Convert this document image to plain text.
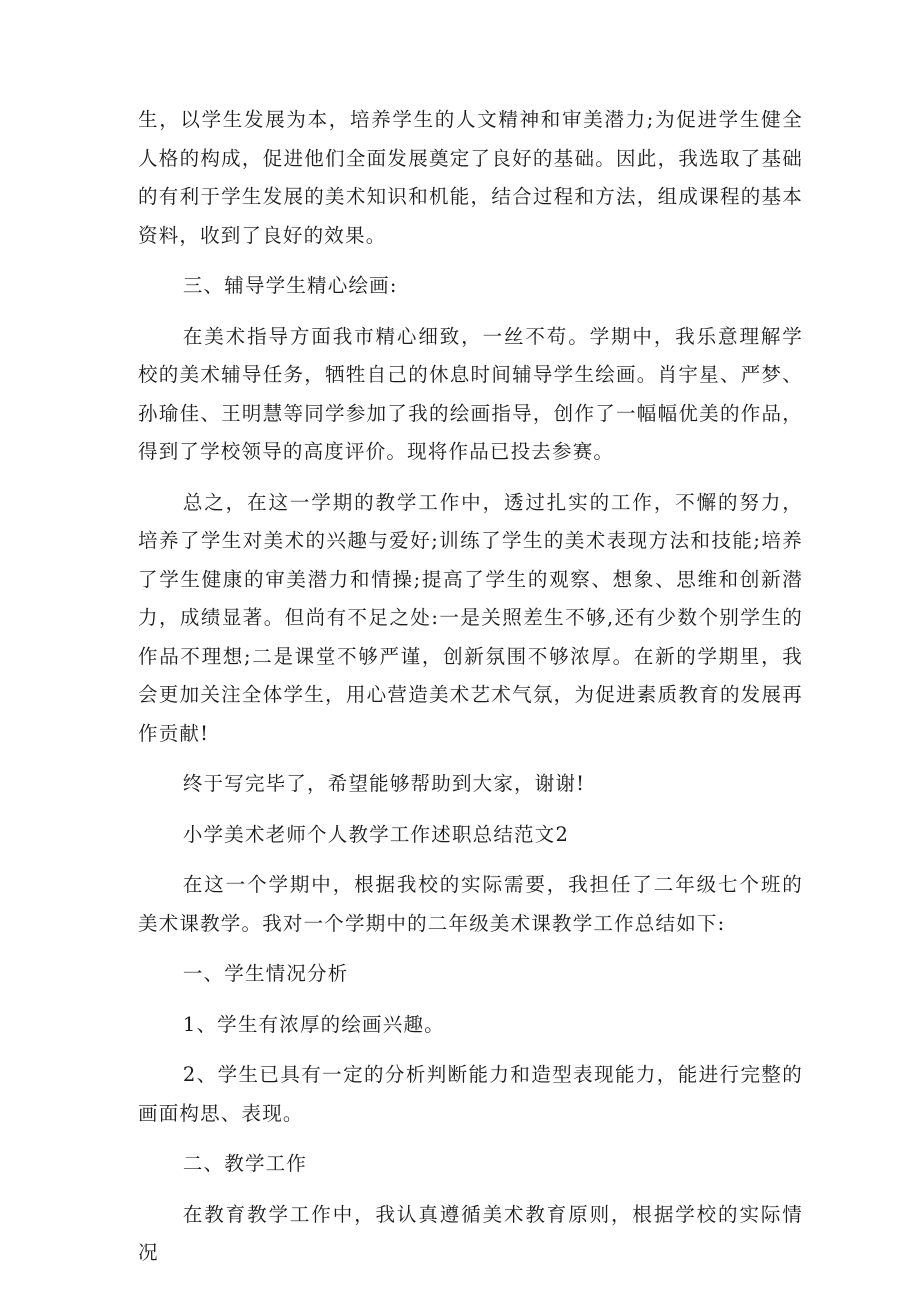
生，以学生发展为本，培养学生的人文精神和审美潜力;为促进学生健全人格的构成，促进他们全面发展奠定了良好的基础。因此，我选取了基础的有利于学生发展的美术知识和机能，结合过程和方法，组成课程的基本资料，收到了良好的效果。

三、辅导学生精心绘画:

在美术指导方面我市精心细致，一丝不苟。学期中，我乐意理解学校的美术辅导任务，牺牲自己的休息时间辅导学生绘画。肖宇星、严梦、孙瑜佳、王明慧等同学参加了我的绘画指导，创作了一幅幅优美的作品，得到了学校领导的高度评价。现将作品已投去参赛。

总之，在这一学期的教学工作中，透过扎实的工作，不懈的努力，培养了学生对美术的兴趣与爱好;训练了学生的美术表现方法和技能;培养了学生健康的审美潜力和情操;提高了学生的观察、想象、思维和创新潜力，成绩显著。但尚有不足之处:一是关照差生不够,还有少数个别学生的作品不理想;二是课堂不够严谨，创新氛围不够浓厚。在新的学期里，我会更加关注全体学生，用心营造美术艺术气氛，为促进素质教育的发展再作贡献!

终于写完毕了，希望能够帮助到大家，谢谢!

小学美术老师个人教学工作述职总结范文2

在这一个学期中，根据我校的实际需要，我担任了二年级七个班的美术课教学。我对一个学期中的二年级美术课教学工作总结如下:

一、学生情况分析

1、学生有浓厚的绘画兴趣。

2、学生已具有一定的分析判断能力和造型表现能力，能进行完整的画面构思、表现。

二、教学工作

在教育教学工作中，我认真遵循美术教育原则，根据学校的实际情况
